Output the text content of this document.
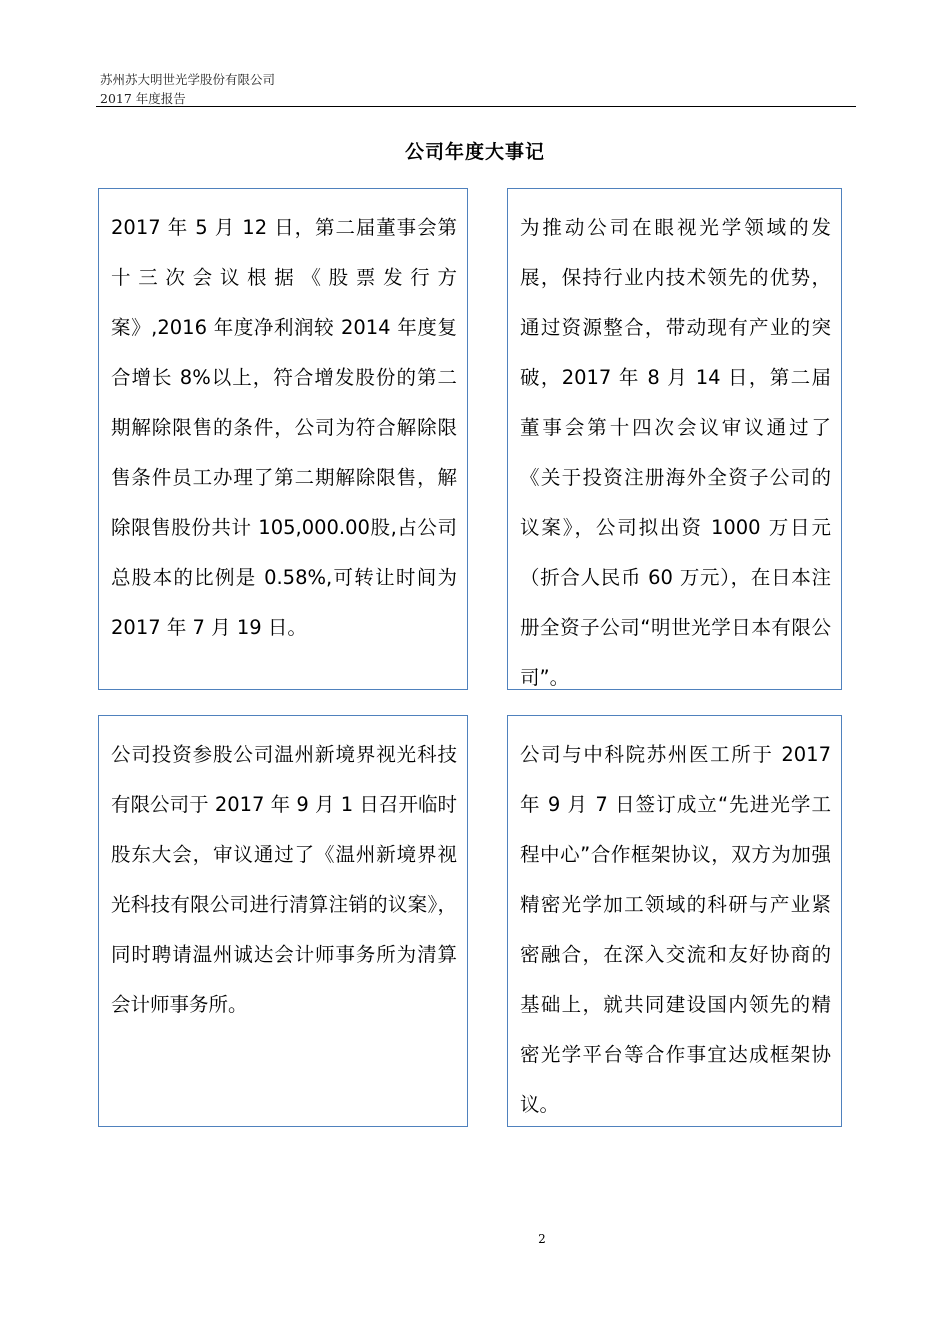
苏州苏大明世光学股份有限公司
2017 年度报告
公司年度大事记
2017 年 5 月 12 日，第二届董事会第十三次会议根据《股票发行方案》,2016 年度净利润较 2014 年度复合增长 8%以上，符合增发股份的第二期解除限售的条件，公司为符合解除限售条件员工办理了第二期解除限售，解除限售股份共计 105,000.00股,占公司总股本的比例是 0.58%,可转让时间为 2017 年 7 月 19 日。
为推动公司在眼视光学领域的发展，保持行业内技术领先的优势，通过资源整合，带动现有产业的突破，2017 年 8 月 14 日，第二届董事会第十四次会议审议通过了《关于投资注册海外全资子公司的议案》，公司拟出资 1000 万日元（折合人民币 60 万元），在日本注册全资子公司“明世光学日本有限公司”。
公司投资参股公司温州新境界视光科技有限公司于 2017 年 9 月 1 日召开临时股东大会，审议通过了《温州新境界视光科技有限公司进行清算注销的议案》，同时聘请温州诚达会计师事务所为清算会计师事务所。
公司与中科院苏州医工所于 2017 年 9 月 7 日签订成立“先进光学工程中心”合作框架协议，双方为加强精密光学加工领域的科研与产业紧密融合，在深入交流和友好协商的基础上，就共同建设国内领先的精密光学平台等合作事宜达成框架协议。
2
